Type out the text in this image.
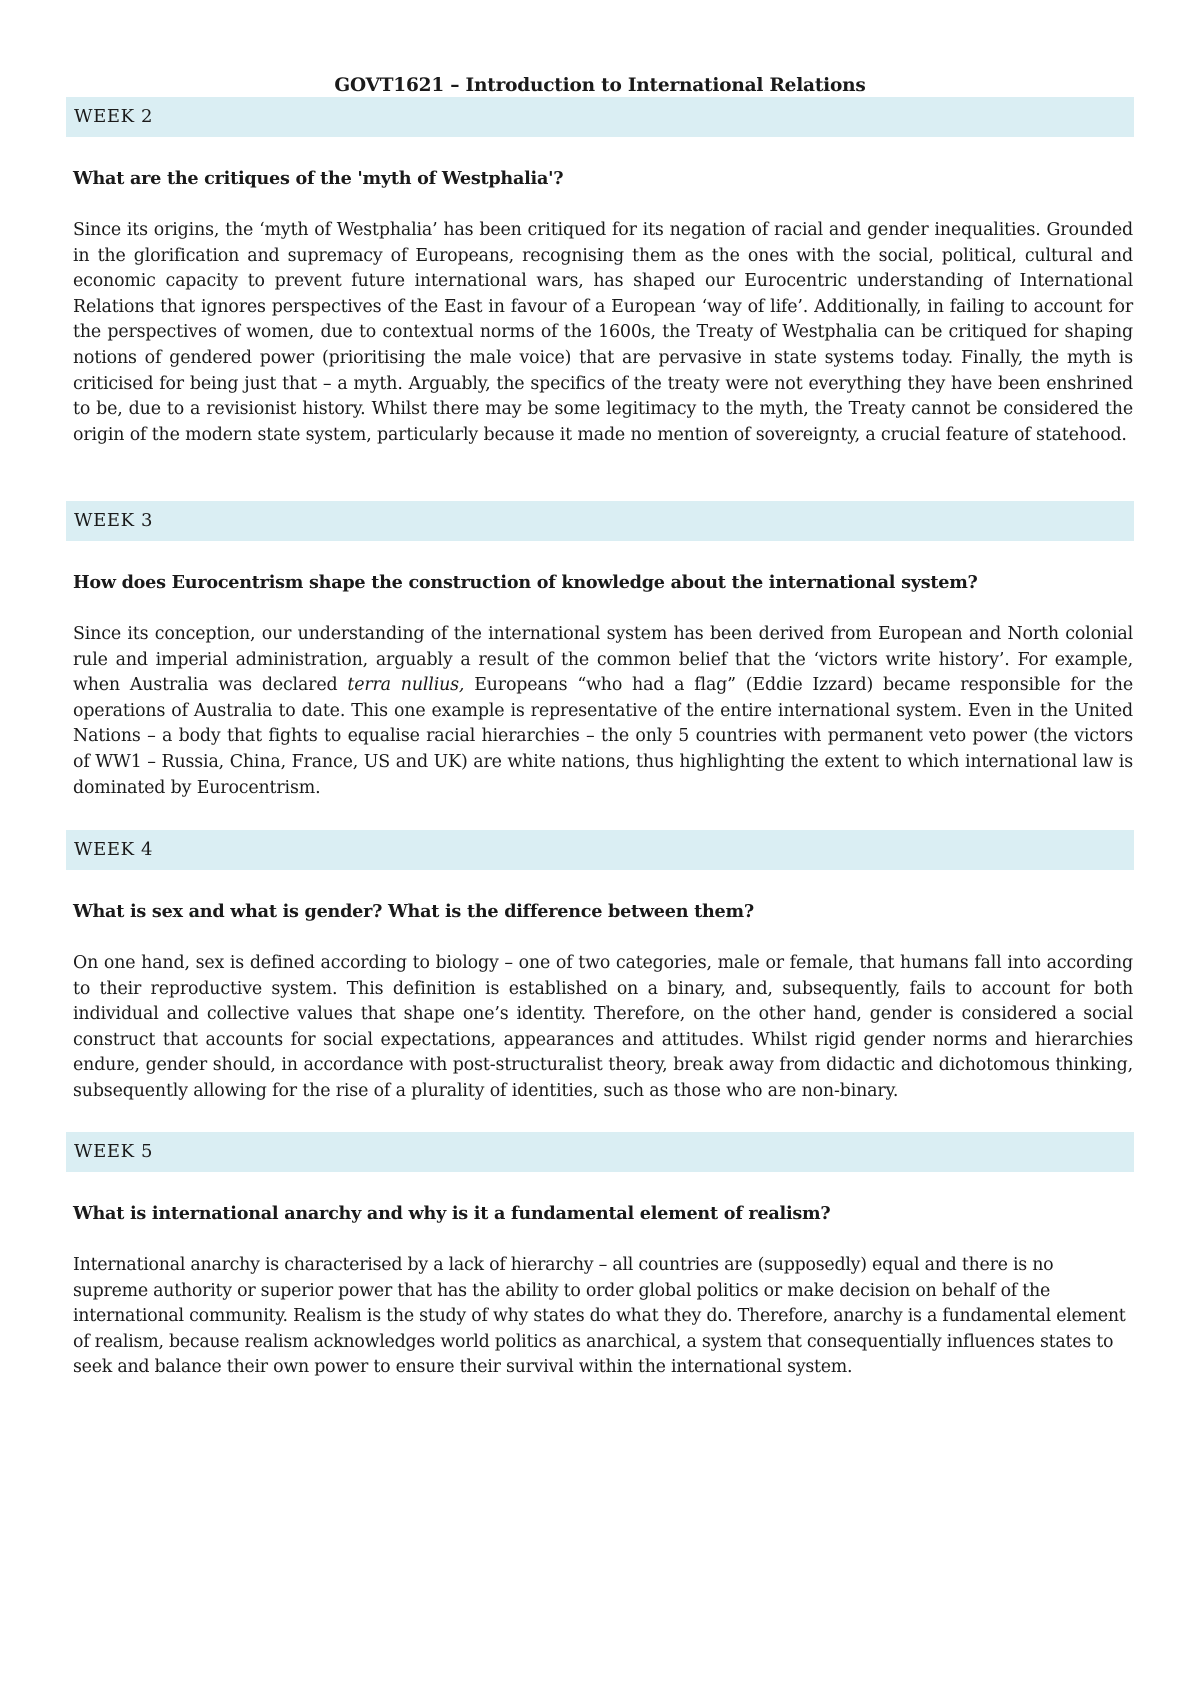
GOVT1621 – Introduction to International Relations
WEEK 2
What are the critiques of the 'myth of Westphalia'?

Since its origins, the ‘myth of Westphalia’ has been critiqued for its negation of racial and gender inequalities. Grounded in the glorification and supremacy of Europeans, recognising them as the ones with the social, political, cultural and economic capacity to prevent future international wars, has shaped our Eurocentric understanding of International Relations that ignores perspectives of the East in favour of a European ‘way of life’. Additionally, in failing to account for the perspectives of women, due to contextual norms of the 1600s, the Treaty of Westphalia can be critiqued for shaping notions of gendered power (prioritising the male voice) that are pervasive in state systems today. Finally, the myth is criticised for being just that – a myth. Arguably, the specifics of the treaty were not everything they have been enshrined to be, due to a revisionist history. Whilst there may be some legitimacy to the myth, the Treaty cannot be considered the origin of the modern state system, particularly because it made no mention of sovereignty, a crucial feature of statehood.

WEEK 3
How does Eurocentrism shape the construction of knowledge about the international system?

Since its conception, our understanding of the international system has been derived from European and North colonial rule and imperial administration, arguably a result of the common belief that the ‘victors write history’. For example, when Australia was declared terra nullius, Europeans “who had a flag” (Eddie Izzard) became responsible for the operations of Australia to date. This one example is representative of the entire international system. Even in the United Nations – a body that fights to equalise racial hierarchies – the only 5 countries with permanent veto power (the victors of WW1 – Russia, China, France, US and UK) are white nations, thus highlighting the extent to which international law is dominated by Eurocentrism.

WEEK 4
What is sex and what is gender? What is the difference between them?

On one hand, sex is defined according to biology – one of two categories, male or female, that humans fall into according to their reproductive system. This definition is established on a binary, and, subsequently, fails to account for both individual and collective values that shape one’s identity. Therefore, on the other hand, gender is considered a social construct that accounts for social expectations, appearances and attitudes. Whilst rigid gender norms and hierarchies endure, gender should, in accordance with post-structuralist theory, break away from didactic and dichotomous thinking, subsequently allowing for the rise of a plurality of identities, such as those who are non-binary.

WEEK 5
What is international anarchy and why is it a fundamental element of realism?

International anarchy is characterised by a lack of hierarchy – all countries are (supposedly) equal and there is no supreme authority or superior power that has the ability to order global politics or make decision on behalf of the international community. Realism is the study of why states do what they do. Therefore, anarchy is a fundamental element of realism, because realism acknowledges world politics as anarchical, a system that consequentially influences states to seek and balance their own power to ensure their survival within the international system.
